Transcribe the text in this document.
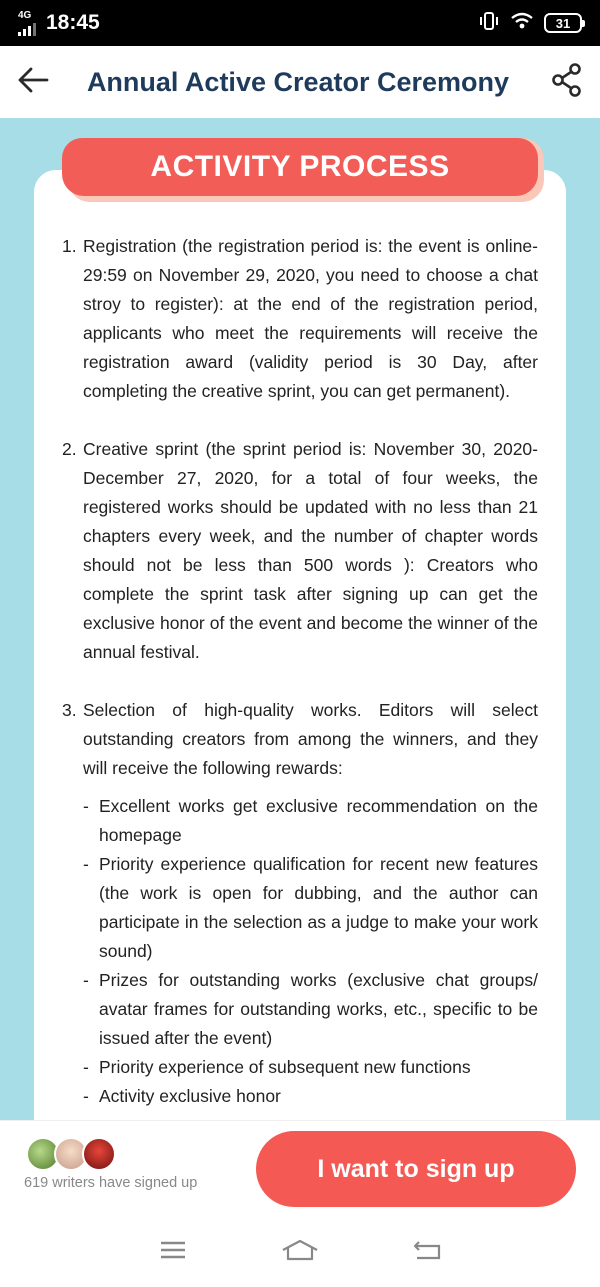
4G 18:45	31
Annual Active Creator Ceremony
ACTIVITY PROCESS
1. Registration (the registration period is: the event is online-29:59 on November 29, 2020, you need to choose a chat stroy to register): at the end of the registration period, applicants who meet the requirements will receive the registration award (validity period is 30 Day, after completing the creative sprint, you can get permanent).
2. Creative sprint (the sprint period is: November 30, 2020-December 27, 2020, for a total of four weeks, the registered works should be updated with no less than 21 chapters every week, and the number of chapter words should not be less than 500 words ): Creators who complete the sprint task after signing up can get the exclusive honor of the event and become the winner of the annual festival.
3. Selection of high-quality works. Editors will select outstanding creators from among the winners, and they will receive the following rewards:
- Excellent works get exclusive recommendation on the homepage
- Priority experience qualification for recent new features (the work is open for dubbing, and the author can participate in the selection as a judge to make your work sound)
- Prizes for outstanding works (exclusive chat groups/ avatar frames for outstanding works, etc., specific to be issued after the event)
- Priority experience of subsequent new functions
- Activity exclusive honor
619 writers have signed up
I want to sign up
